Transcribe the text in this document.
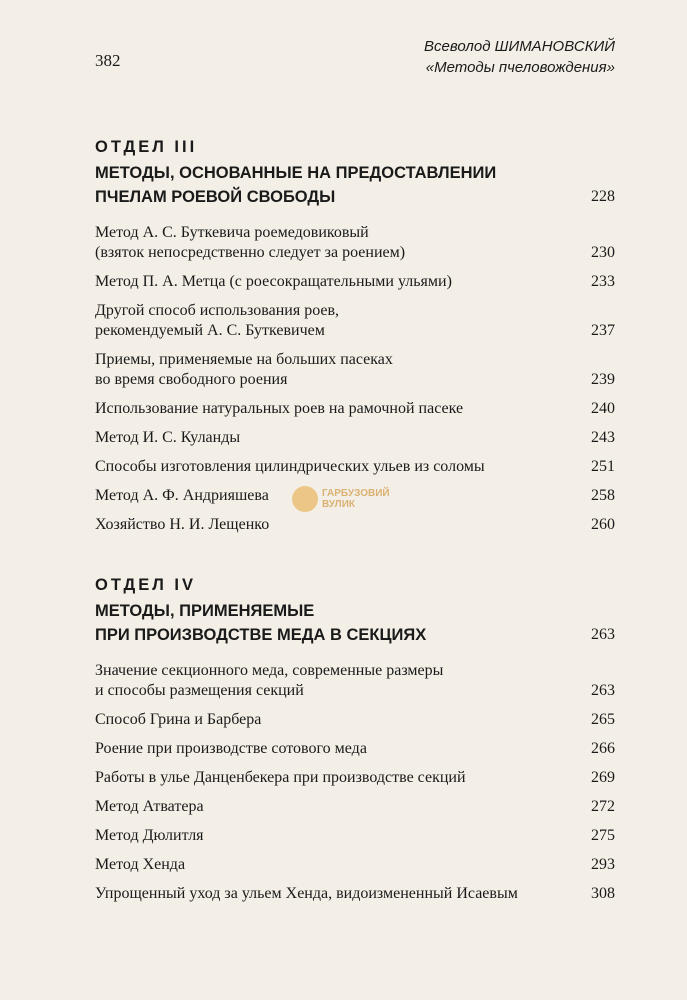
382
Всеволод ШИМАНОВСКИЙ
«Методы пчеловождения»
ОТДЕЛ III
МЕТОДЫ, ОСНОВАННЫЕ НА ПРЕДОСТАВЛЕНИИ
ПЧЕЛАМ РОЕВОЙ СВОБОДЫ	228
Метод А. С. Буткевича роемедовиковый
(взяток непосредственно следует за роением)	230
Метод П. А. Метца (с роесокращательными ульями)	233
Другой способ использования роев,
рекомендуемый А. С. Буткевичем	237
Приемы, применяемые на больших пасеках
во время свободного роения	239
Использование натуральных роев на рамочной пасеке	240
Метод И. С. Куланды	243
Способы изготовления цилиндрических ульев из соломы	251
Метод А. Ф. Андрияшева	258
Хозяйство Н. И. Лещенко	260
ОТДЕЛ IV
МЕТОДЫ, ПРИМЕНЯЕМЫЕ
ПРИ ПРОИЗВОДСТВЕ МЕДА В СЕКЦИЯХ	263
Значение секционного меда, современные размеры
и способы размещения секций	263
Способ Грина и Барбера	265
Роение при производстве сотового меда	266
Работы в улье Данценбекера при производстве секций	269
Метод Атватера	272
Метод Дюлитля	275
Метод Хенда	293
Упрощенный уход за ульем Хенда, видоизмененный Исаевым	308
ГАРБУЗОВИЙ
ВУЛИК
